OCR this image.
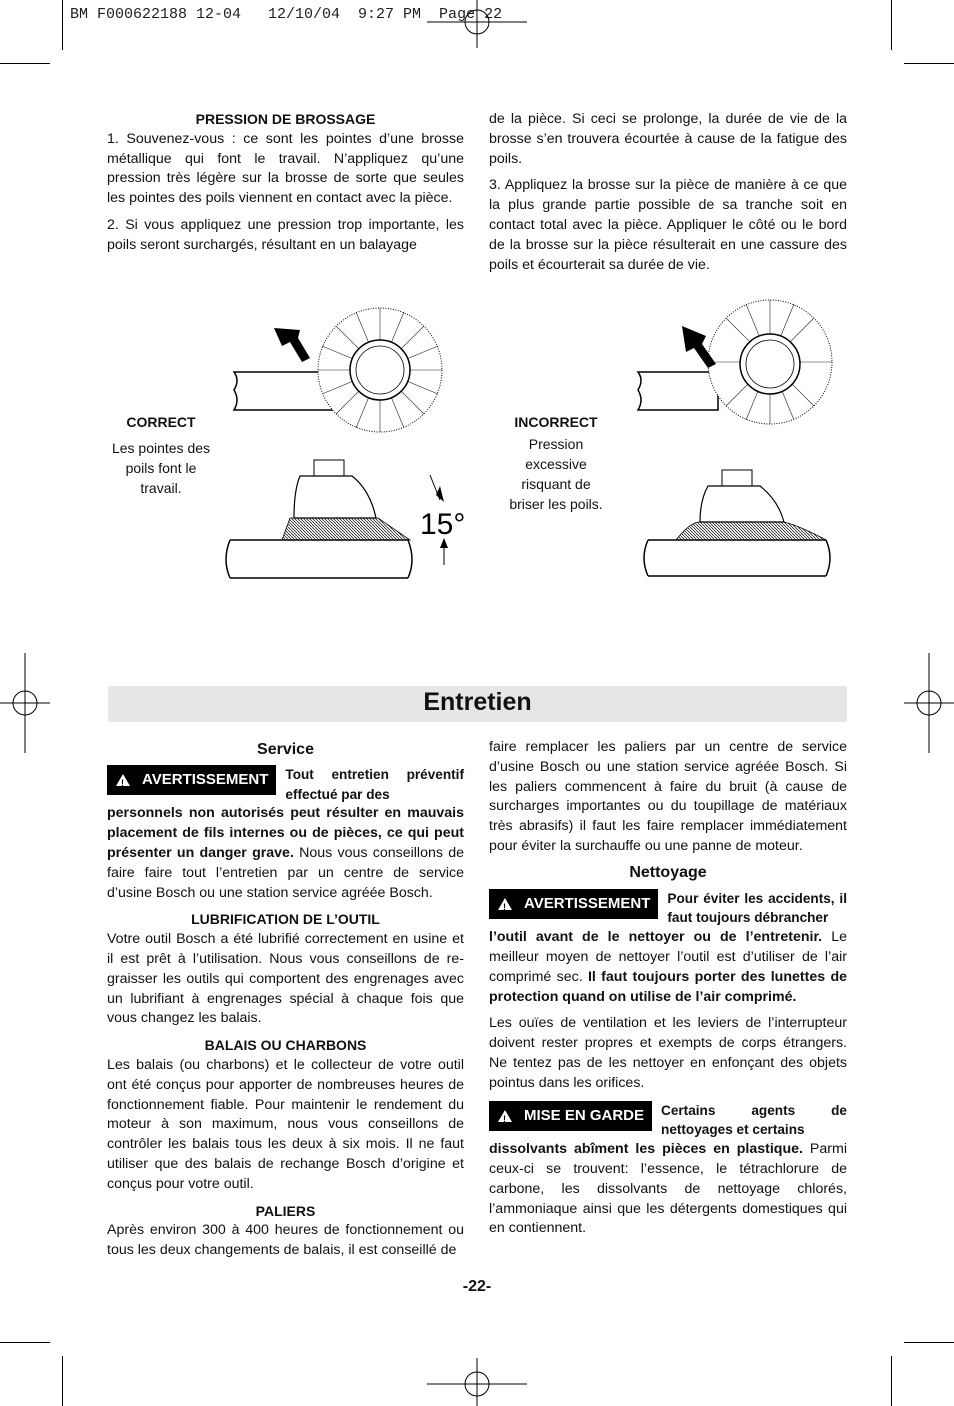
BM F000622188 12-04   12/10/04  9:27 PM  Page 22

PRESSION DE BROSSAGE

1. Souvenez-vous : ce sont les pointes d’une brosse métallique qui font le travail. N’appliquez qu’une pression très légère sur la brosse de sorte que seules les pointes des poils viennent en contact avec la pièce.

2. Si vous appliquez une pression trop importante, les poils seront surchargés, résultant en un balayage

de la pièce. Si ceci se prolonge, la durée de vie de la brosse s’en trouvera écourtée à cause de la fatigue des poils.

3. Appliquez la brosse sur la pièce de manière à ce que la plus grande partie possible de sa tranche soit en contact total avec la pièce. Appliquer le côté ou le bord de la brosse sur la pièce résulterait en une cassure des poils et écourterait sa durée de vie.

15°
CORRECT
Les pointes des
poils font le
travail.
INCORRECT
Pression
excessive
risquant de
briser les poils.
Entretien

Service

!
AVERTISSEMENT Tout entretien préventif effectué par des

personnels non autorisés peut résulter en mauvais placement de fils internes ou de pièces, ce qui peut présenter un danger grave. Nous vous conseillons de faire faire tout l’entretien par un centre de service d’usine Bosch ou une station service agréée Bosch.

LUBRIFICATION DE L’OUTIL

Votre outil Bosch a été lubrifié correctement en usine et il est prêt à l’utilisation. Nous vous conseillons de re-graisser les outils qui comportent des engrenages avec un lubrifiant à engrenages spécial à chaque fois que vous changez les balais.

BALAIS OU CHARBONS

Les balais (ou charbons) et le collecteur de votre outil ont été conçus pour apporter de nombreuses heures de fonctionnement fiable. Pour maintenir le rendement du moteur à son maximum, nous vous conseillons de contrôler les balais tous les deux à six mois. Il ne faut utiliser que des balais de rechange Bosch d’origine et conçus pour votre outil.

PALIERS

Après environ 300 à 400 heures de fonctionnement ou tous les deux changements de balais, il est conseillé de

faire remplacer les paliers par un centre de service d’usine Bosch ou une station service agréée Bosch. Si les paliers commencent à faire du bruit (à cause de surcharges importantes ou du toupillage de matériaux très abrasifs) il faut les faire remplacer immédiatement pour éviter la surchauffe ou une panne de moteur.

Nettoyage

!
AVERTISSEMENT Pour éviter les accidents, il faut toujours débrancher

l’outil avant de le nettoyer ou de l’entretenir. Le meilleur moyen de nettoyer l’outil est d’utiliser de l’air comprimé sec. Il faut toujours porter des lunettes de protection quand on utilise de l’air comprimé.

Les ouïes de ventilation et les leviers de l’interrupteur doivent rester propres et exempts de corps étrangers. Ne tentez pas de les nettoyer en enfonçant des objets pointus dans les orifices.

!
MISE EN GARDE Certains agents de nettoyages et certains

dissolvants abîment les pièces en plastique. Parmi ceux-ci se trouvent: l’essence, le tétrachlorure de carbone, les dissolvants de nettoyage chlorés, l’ammoniaque ainsi que les détergents domestiques qui en contiennent.

-22-
